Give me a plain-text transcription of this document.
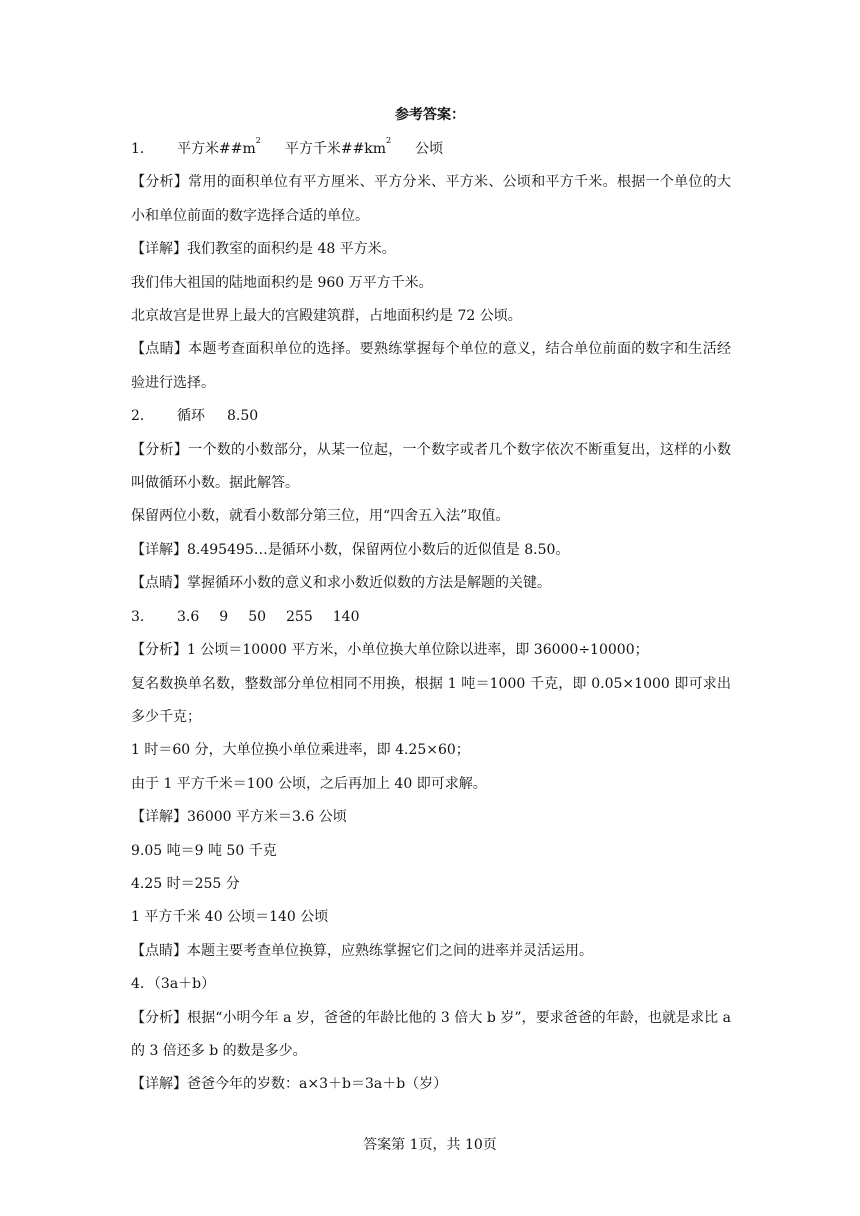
参考答案：

1． 平方米$\#\#m^2$平方千米$\#\#km^2$公顷

【分析】常用的面积单位有平方厘米、平方分米、平方米、公顷和平方千米。根据一个单位的大小和单位前面的数字选择合适的单位。

【详解】我们教室的面积约是 48 平方米。

我们伟大祖国的陆地面积约是 960 万平方千米。

北京故宫是世界上最大的宫殿建筑群，占地面积约是 72 公顷。

【点睛】本题考查面积单位的选择。要熟练掌握每个单位的意义，结合单位前面的数字和生活经验进行选择。

2． 循环 8.50

【分析】一个数的小数部分，从某一位起，一个数字或者几个数字依次不断重复出，这样的小数叫做循环小数。据此解答。

保留两位小数，就看小数部分第三位，用“四舍五入法”取值。

【详解】8.495495…是循环小数，保留两位小数后的近似值是 8.50。

【点睛】掌握循环小数的意义和求小数近似数的方法是解题的关键。

3． 3.6 9 50 255 140

【分析】1 公顷＝10000 平方米，小单位换大单位除以进率，即 36000÷10000；

复名数换单名数，整数部分单位相同不用换，根据 1 吨＝1000 千克，即 0.05×1000 即可求出多少千克；

1 时＝60 分，大单位换小单位乘进率，即 4.25×60；

由于 1 平方千米＝100 公顷，之后再加上 40 即可求解。

【详解】36000 平方米＝3.6 公顷

9.05 吨＝9 吨 50 千克

4.25 时＝255 分

1 平方千米 40 公顷＝140 公顷

【点睛】本题主要考查单位换算，应熟练掌握它们之间的进率并灵活运用。

4．（3a＋b）

【分析】根据“小明今年 a 岁，爸爸的年龄比他的 3 倍大 b 岁”，要求爸爸的年龄，也就是求比 a 的 3 倍还多 b 的数是多少。

【详解】爸爸今年的岁数：a×3＋b＝3a＋b（岁）

答案第 1页，共 10页
